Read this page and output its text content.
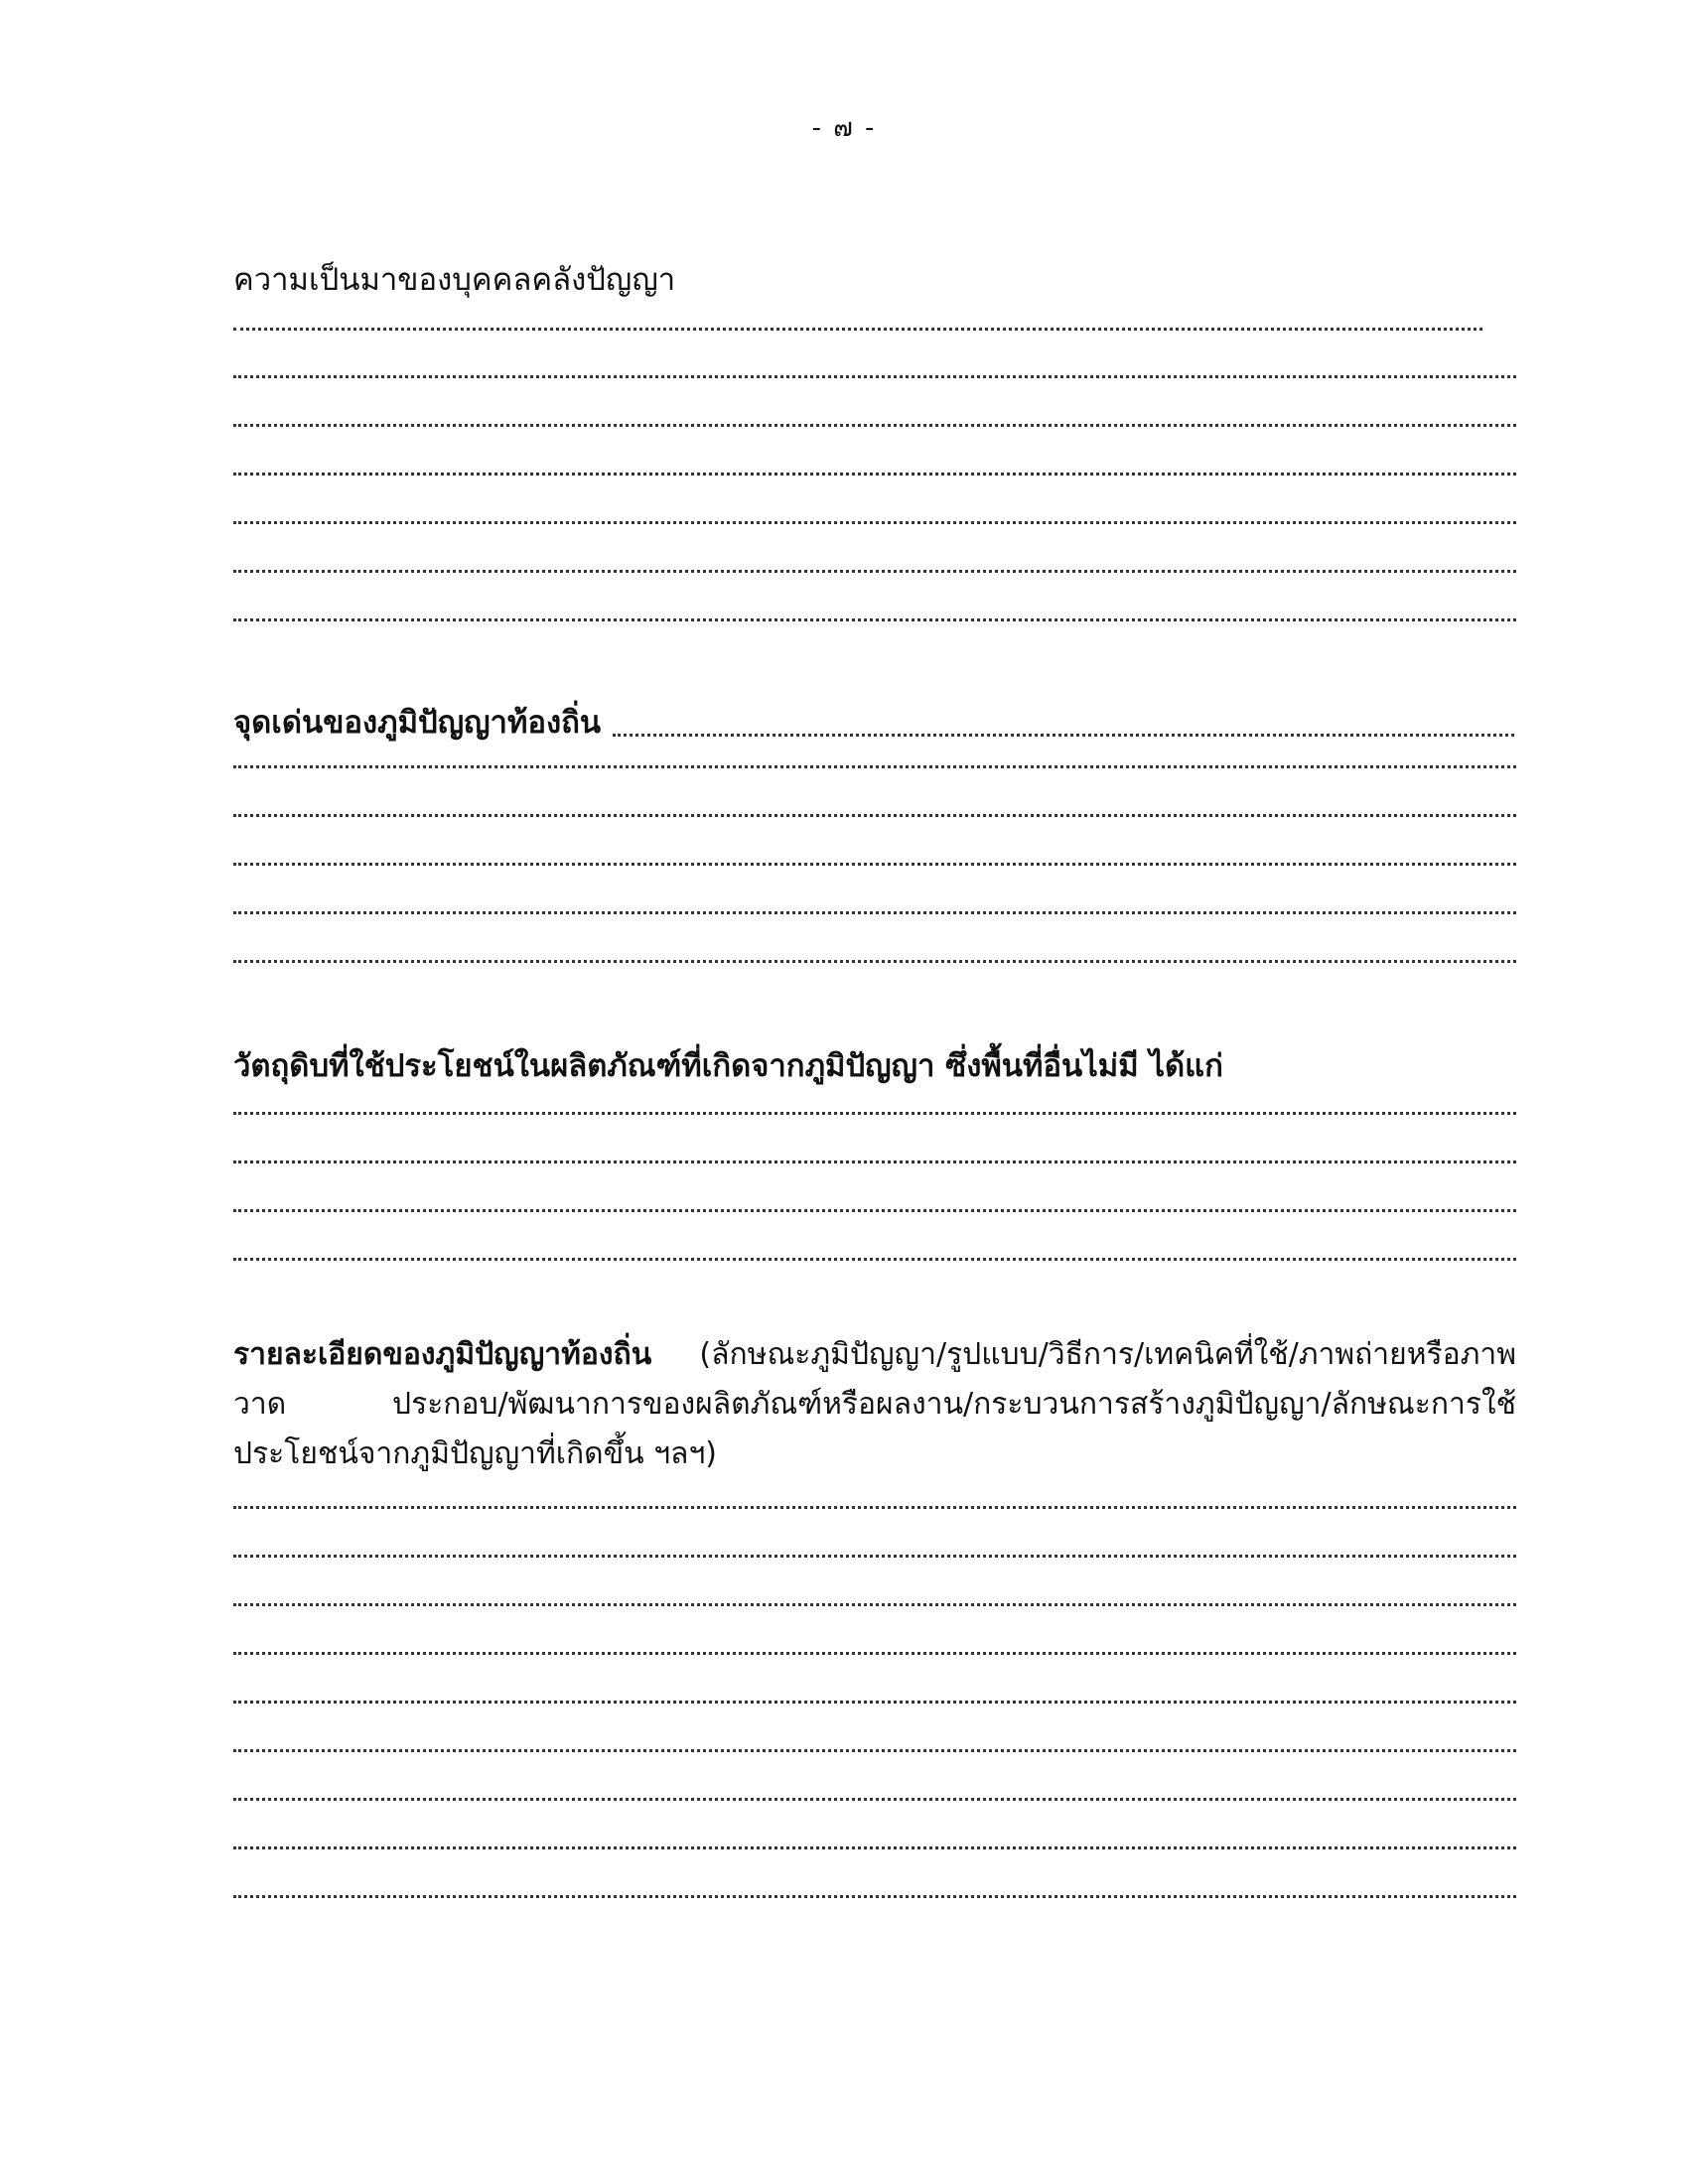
- ๗ -
ความเป็นมาของบุคคลคลังปัญญา
จุดเด่นของภูมิปัญญาท้องถิ่น
วัตถุดิบที่ใช้ประโยชน์ในผลิตภัณฑ์ที่เกิดจากภูมิปัญญา ซึ่งพื้นที่อื่นไม่มี ได้แก่
รายละเอียดของภูมิปัญญาท้องถิ่น (ลักษณะภูมิปัญญา/รูปแบบ/วิธีการ/เทคนิคที่ใช้/ภาพถ่ายหรือภาพวาด ประกอบ/พัฒนาการของผลิตภัณฑ์หรือผลงาน/กระบวนการสร้างภูมิปัญญา/ลักษณะการใช้ประโยชน์จากภูมิปัญญาที่เกิดขึ้น ฯลฯ)
